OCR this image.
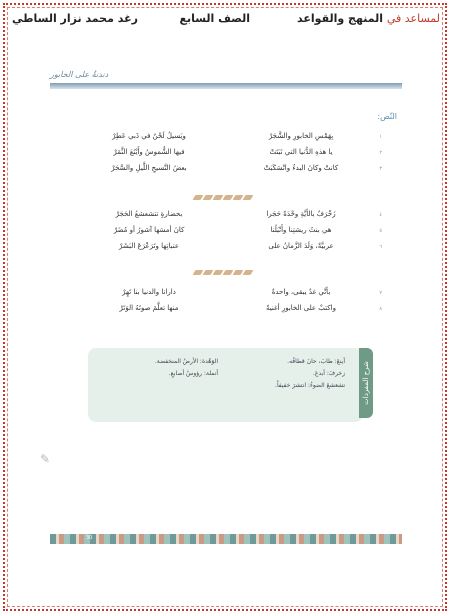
لمساعد في المنهج والقواعد
الصف السابع
رغد محمد نزار الساطي
دندنةٌ على الخابور
النّص:
١
بِهَمْسِ الخابورِ والشَّجَرْ
ويَسيلُ لَحْنٌ في ذَبي عَطِرْ
٢
يا هذهِ الدُّنيا التي نَبَتَتْ
فيها الشُّموسُ وأَيْنَعَ الثَّمَرْ
٣
كانتْ وكانَ البدءُ وانْسَكَبَتْ
بعضُ النَّسيجِ اللَّيلِ والسَّحَرْ
٤
زَخْرَفٌ بالأيَّةِ وحْدَةً حَجَرا
بحضارةٍ تتشعشعُ الحَجَرْ
٥
هي بنتُ ريشتِنا وأَنْبَلُنا
كانَ أمسَها آشورُ أو مُضَرْ
٦
عربيَّةٌ، وَلَدَ الزَّمانُ على
عتباتِها وتَرَعْرَعَ البَشَرْ
٧
بأنَّي غدٌ يبقى، واحدةٌ
دارانا والدنيا بنا تَهِرْ
٨
واكتبْ على الخابورِ أغنيةً
منها تعلَّمَ صوتَهُ الوَتَرْ
شرح المفردات
أينعَ: طابَ، حانَ قطافُه.
زخرفَ: أبدعَ.
تشعشعَ الضوءُ: انتشرَ خفيفاً.
الوَهْدة: الأرضُ المنخفضة.
أنملة: رؤوسُ أصابعِ.
✎
30
